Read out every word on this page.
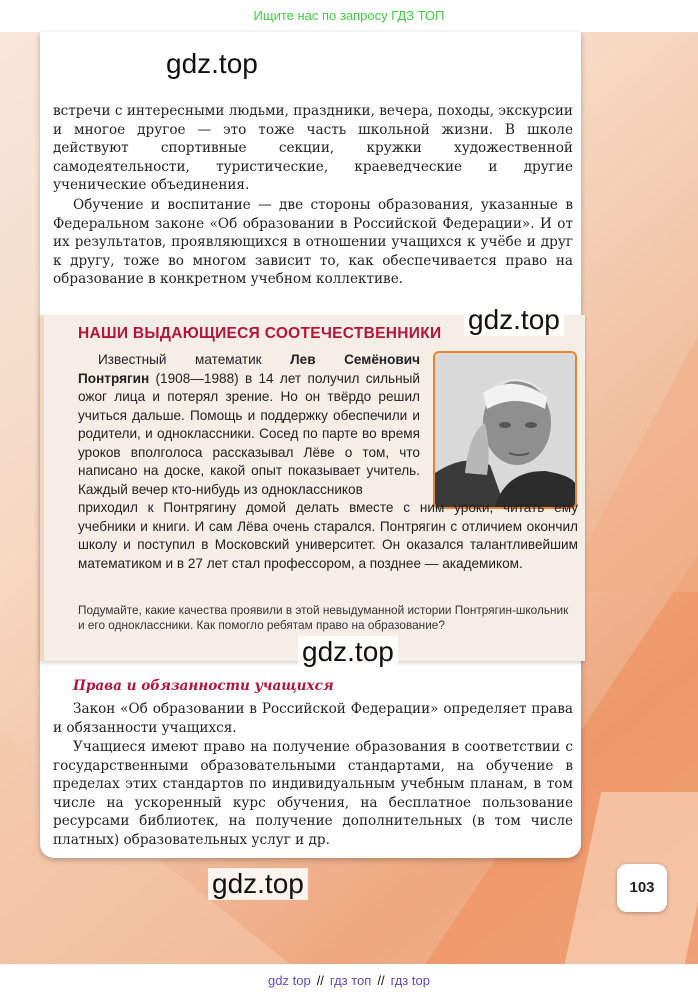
Ищите нас по запросу ГДЗ ТОП
встречи с интересными людьми, праздники, вечера, походы, экскурсии и многое другое — это тоже часть школьной жизни. В школе действуют спортивные секции, кружки художественной самодеятельности, туристические, краеведческие и другие ученические объединения.
Обучение и воспитание — две стороны образования, указанные в Федеральном законе «Об образовании в Российской Федерации». И от их результатов, проявляющихся в отношении учащихся к учёбе и друг к другу, тоже во многом зависит то, как обеспечивается право на образование в конкретном учебном коллективе.
НАШИ ВЫДАЮЩИЕСЯ СООТЕЧЕСТВЕННИКИ
Известный математик Лев Семёнович Понтрягин (1908—1988) в 14 лет получил сильный ожог лица и потерял зрение. Но он твёрдо решил учиться дальше. Помощь и поддержку обеспечили и родители, и одноклассники. Сосед по парте во время уроков вполголоса рассказывал Лёве о том, что написано на доске, какой опыт показывает учитель. Каждый вечер кто-нибудь из одноклассников
приходил к Понтрягину домой делать вместе с ним уроки, читать ему учебники и книги. И сам Лёва очень старался. Понтрягин с отличием окончил школу и поступил в Московский университет. Он оказался талантливейшим математиком и в 27 лет стал профессором, а позднее — академиком.
Подумайте, какие качества проявили в этой невыдуманной истории Понтрягин-школьник и его одноклассники. Как помогло ребятам право на образование?
Права и обязанности учащихся
Закон «Об образовании в Российской Федерации» определяет права и обязанности учащихся.
Учащиеся имеют право на получение образования в соответствии с государственными образовательными стандартами, на обучение в пределах этих стандартов по индивидуальным учебным планам, в том числе на ускоренный курс обучения, на бесплатное пользование ресурсами библиотек, на получение дополнительных (в том числе платных) образовательных услуг и др.
gdz.top
gdz.top
gdz.top
gdz.top	103
gdz top // гдз топ // гдз top
